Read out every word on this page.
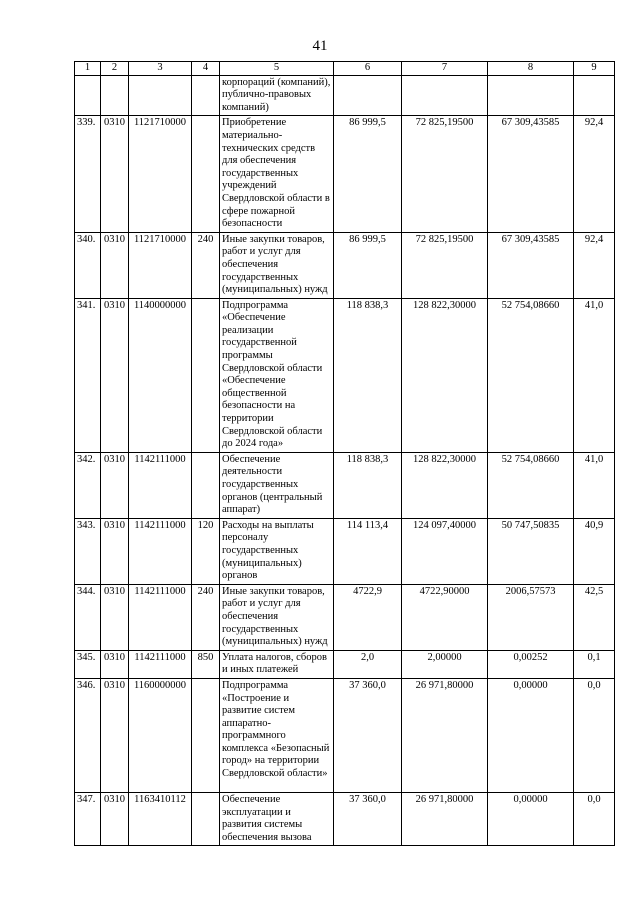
41
1	2	3	4	5	6	7	8	9
				корпораций (компаний), публично-правовых компаний)				
339.	0310	1121710000		Приобретение материально-технических средств для обеспечения государственных учреждений Свердловской области в сфере пожарной безопасности	86 999,5	72 825,19500	67 309,43585	92,4
340.	0310	1121710000	240	Иные закупки товаров, работ и услуг для обеспечения государственных (муниципальных) нужд	86 999,5	72 825,19500	67 309,43585	92,4
341.	0310	1140000000		Подпрограмма «Обеспечение реализации государственной программы Свердловской области «Обеспечение общественной безопасности на территории Свердловской области до 2024 года»	118 838,3	128 822,30000	52 754,08660	41,0
342.	0310	1142111000		Обеспечение деятельности государственных органов (центральный аппарат)	118 838,3	128 822,30000	52 754,08660	41,0
343.	0310	1142111000	120	Расходы на выплаты персоналу государственных (муниципальных) органов	114 113,4	124 097,40000	50 747,50835	40,9
344.	0310	1142111000	240	Иные закупки товаров, работ и услуг для обеспечения государственных (муниципальных) нужд	4722,9	4722,90000	2006,57573	42,5
345.	0310	1142111000	850	Уплата налогов, сборов и иных платежей	2,0	2,00000	0,00252	0,1
346.	0310	1160000000		Подпрограмма «Построение и развитие систем аппаратно-программного комплекса «Безопасный город» на территории Свердловской области»	37 360,0	26 971,80000	0,00000	0,0
347.	0310	1163410112		Обеспечение эксплуатации и развития системы обеспечения вызова	37 360,0	26 971,80000	0,00000	0,0
